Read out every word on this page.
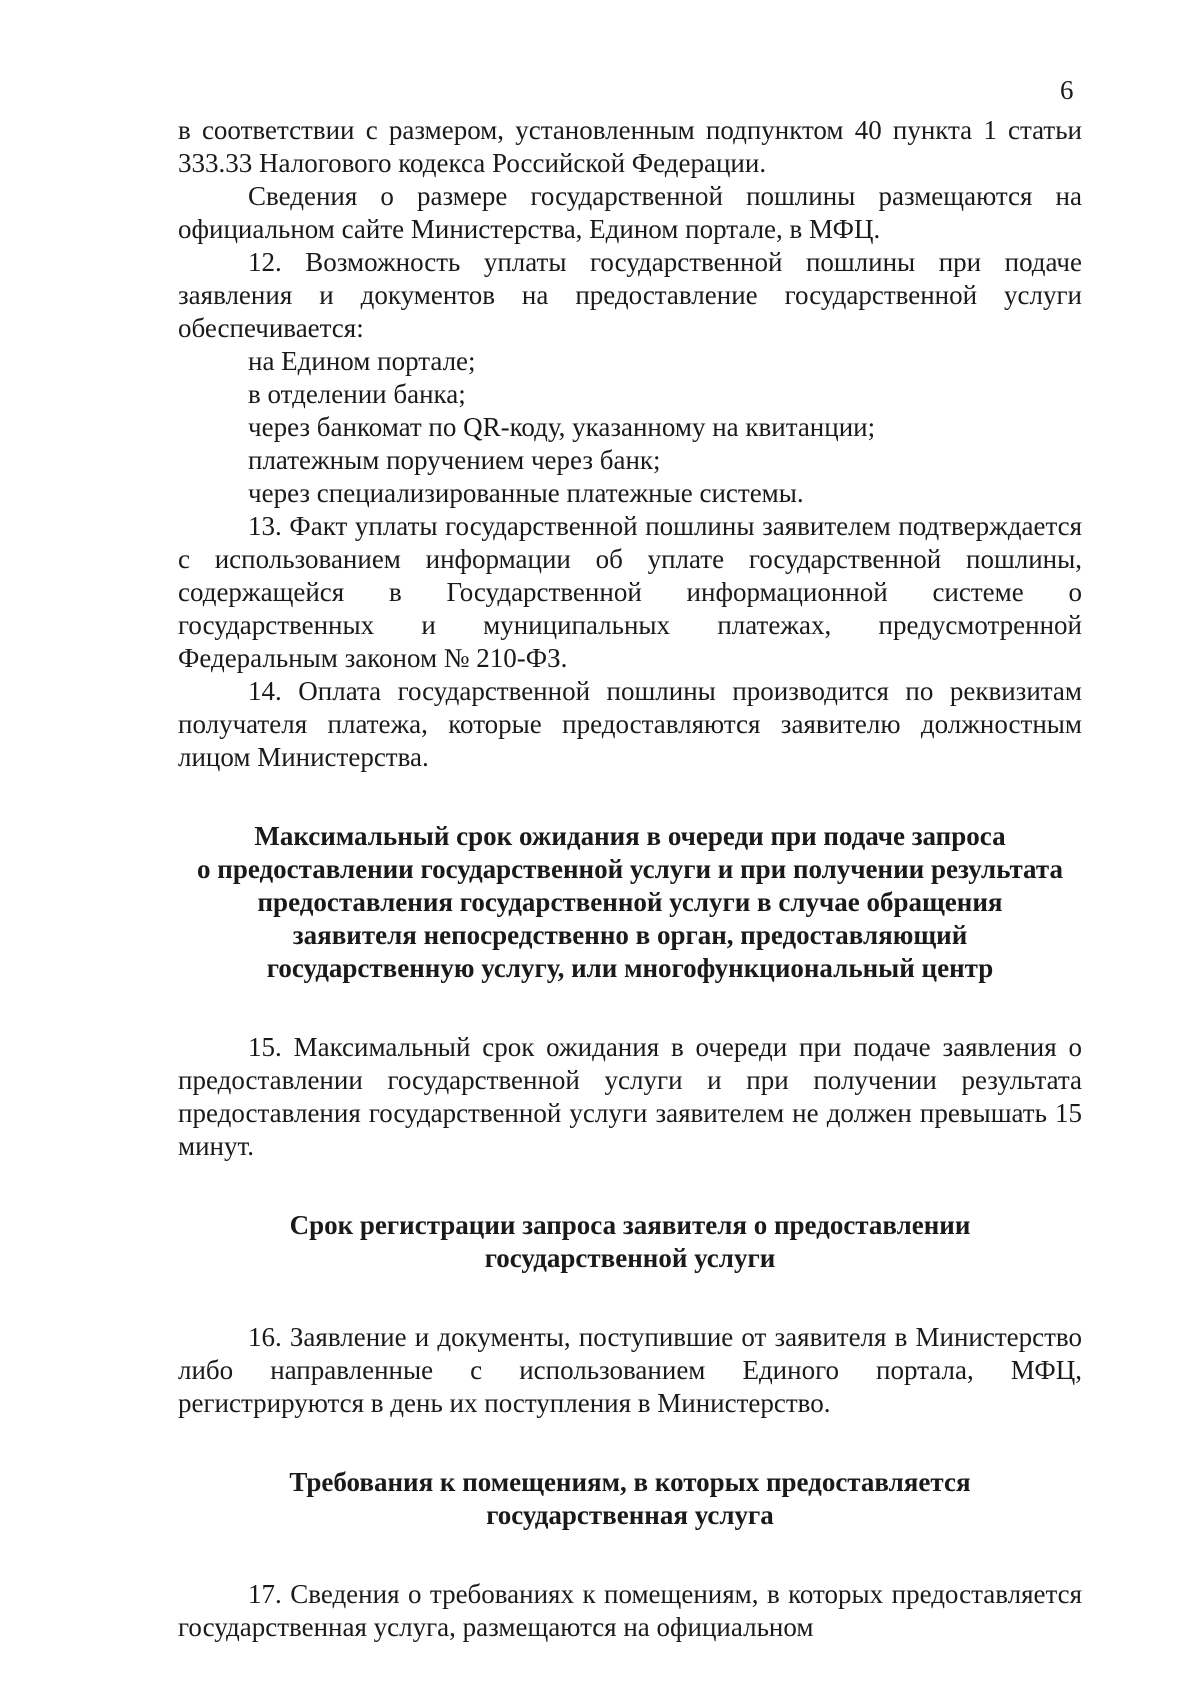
6

в соответствии с размером, установленным подпунктом 40 пункта 1 статьи 333.33 Налогового кодекса Российской Федерации.

Сведения о размере государственной пошлины размещаются на официальном сайте Министерства, Едином портале, в МФЦ.

12. Возможность уплаты государственной пошлины при подаче заявления и документов на предоставление государственной услуги обеспечивается:

на Едином портале;

в отделении банка;

через банкомат по QR-коду, указанному на квитанции;

платежным поручением через банк;

через специализированные платежные системы.

13. Факт уплаты государственной пошлины заявителем подтверждается с использованием информации об уплате государственной пошлины, содержащейся в Государственной информационной системе о государственных и муниципальных платежах, предусмотренной Федеральным законом № 210-ФЗ.

14. Оплата государственной пошлины производится по реквизитам получателя платежа, которые предоставляются заявителю должностным лицом Министерства.

Максимальный срок ожидания в очереди при подаче запроса

о предоставлении государственной услуги и при получении результата

предоставления государственной услуги в случае обращения

заявителя непосредственно в орган, предоставляющий

государственную услугу, или многофункциональный центр

15. Максимальный срок ожидания в очереди при подаче заявления о предоставлении государственной услуги и при получении результата предоставления государственной услуги заявителем не должен превышать 15 минут.

Срок регистрации запроса заявителя о предоставлении

государственной услуги

16. Заявление и документы, поступившие от заявителя в Министерство либо направленные с использованием Единого портала, МФЦ, регистрируются в день их поступления в Министерство.

Требования к помещениям, в которых предоставляется

государственная услуга

17. Сведения о требованиях к помещениям, в которых предоставляется государственная услуга, размещаются на официальном
